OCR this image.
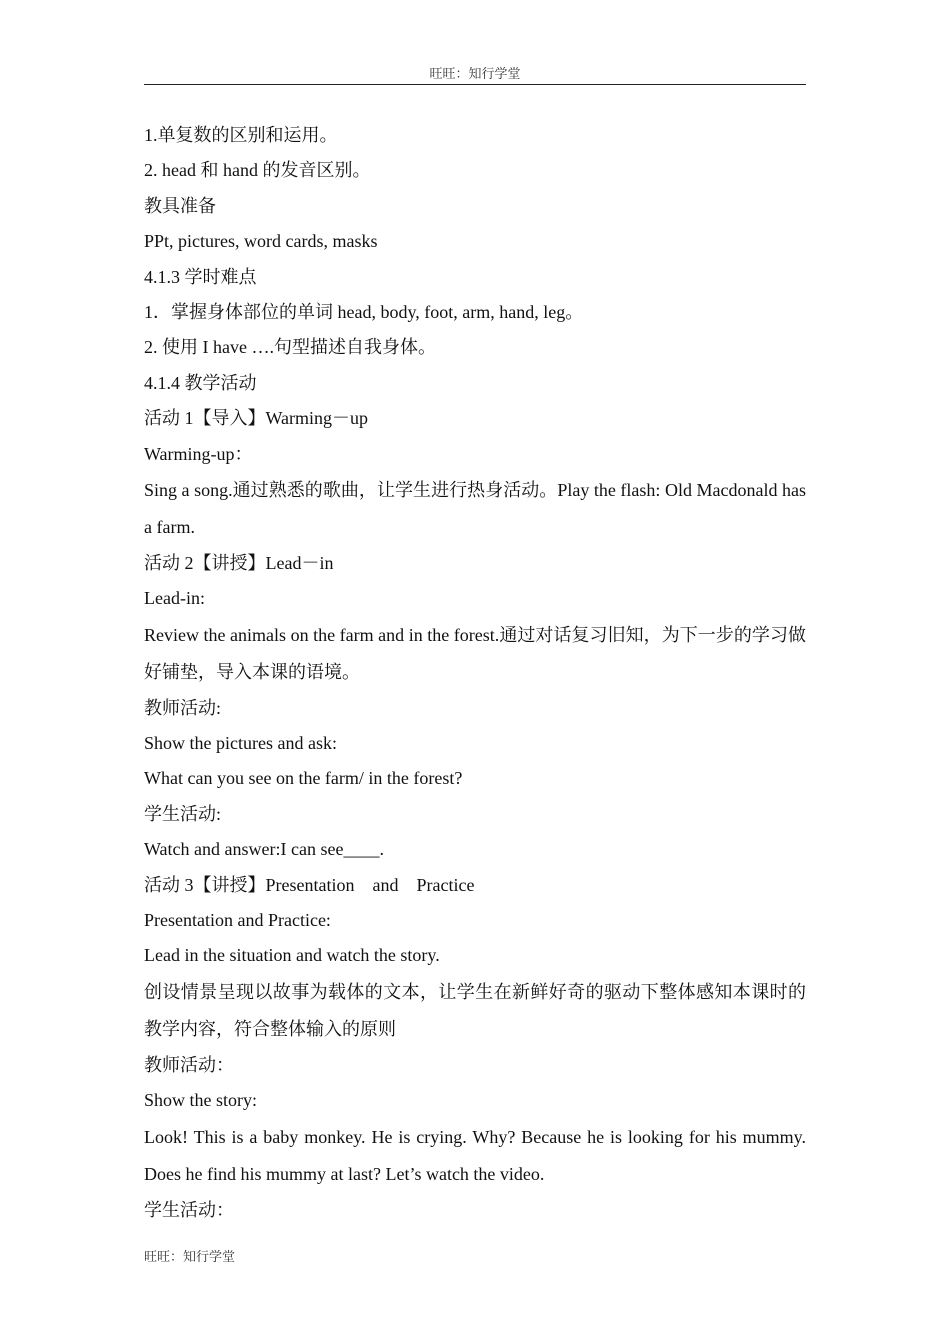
旺旺：知行学堂
1.单复数的区别和运用。
2. head 和 hand 的发音区别。
教具准备
PPt, pictures, word cards, masks
4.1.3 学时难点
1．掌握身体部位的单词 head, body, foot, arm, hand, leg。
2. 使用 I have ….句型描述自我身体。
4.1.4 教学活动
活动 1【导入】Warming－up
Warming-up：
Sing a song.通过熟悉的歌曲，让学生进行热身活动。Play the flash: Old Macdonald has a farm.
活动 2【讲授】Lead－in
Lead-in:
Review the animals on the farm and in the forest.通过对话复习旧知，为下一步的学习做好铺垫，导入本课的语境。
教师活动:
Show the pictures and ask:
What can you see on the farm/ in the forest?
学生活动:
Watch and answer:I can see____.
活动 3【讲授】Presentation　and　Practice
Presentation and Practice:
Lead in the situation and watch the story.
创设情景呈现以故事为载体的文本，让学生在新鲜好奇的驱动下整体感知本课时的教学内容，符合整体输入的原则
教师活动：
Show the story:
Look! This is a baby monkey. He is crying. Why? Because he is looking for his mummy. Does he find his mummy at last? Let’s watch the video.
学生活动：
旺旺：知行学堂
